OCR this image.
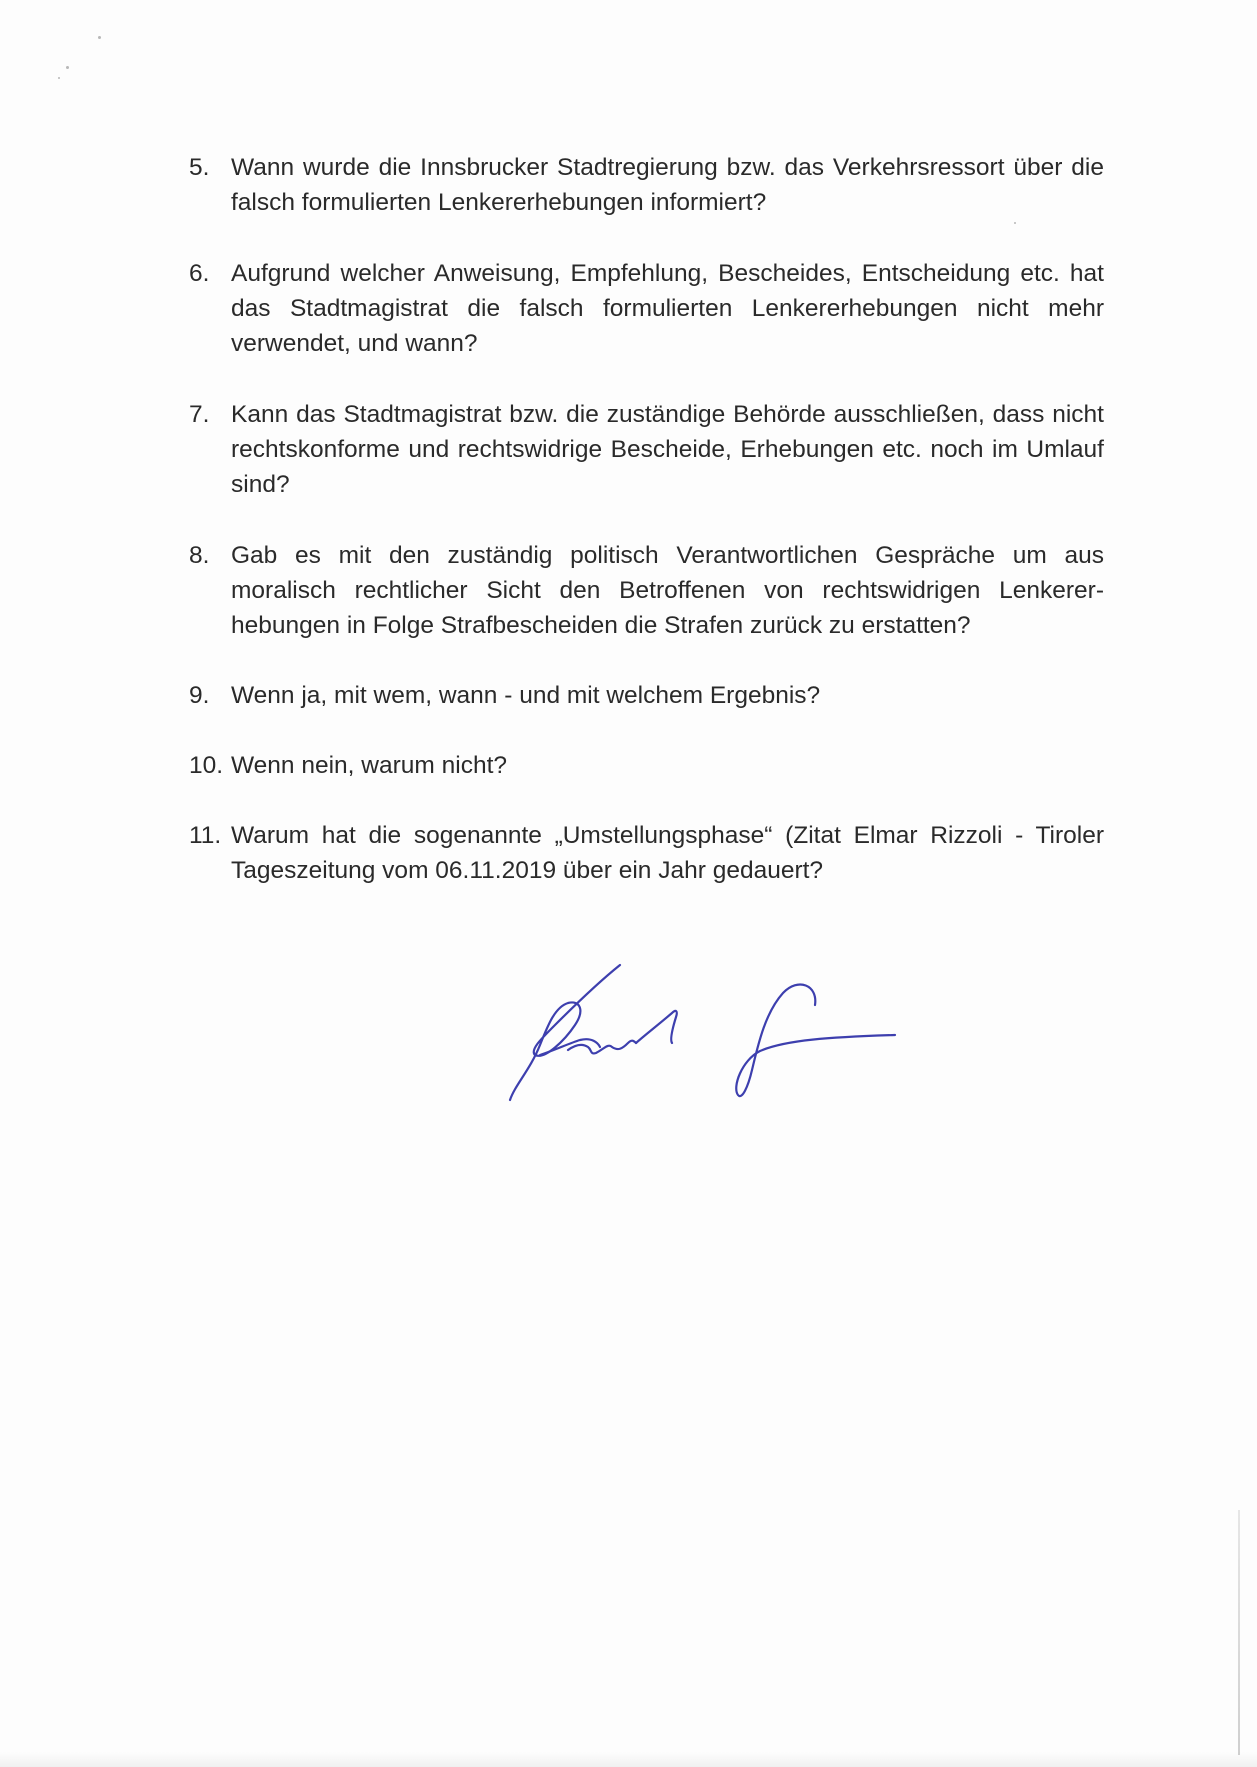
5. Wann wurde die Innsbrucker Stadtregierung bzw. das Verkehrsressort über die falsch formulierten Lenkererhebungen informiert?
6. Aufgrund welcher Anweisung, Empfehlung, Bescheides, Entscheidung etc. hat das Stadtmagistrat die falsch formulierten Lenkererhebungen nicht mehr verwendet, und wann?
7. Kann das Stadtmagistrat bzw. die zuständige Behörde ausschließen, dass nicht rechtskonforme und rechtswidrige Bescheide, Erhebungen etc. noch im Umlauf sind?
8. Gab es mit den zuständig politisch Verantwortlichen Gespräche um aus moralisch rechtlicher Sicht den Betroffenen von rechtswidrigen Lenkererhebungen in Folge Strafbescheiden die Strafen zurück zu erstatten?
9. Wenn ja, mit wem, wann - und mit welchem Ergebnis?
10. Wenn nein, warum nicht?
11. Warum hat die sogenannte „Umstellungsphase“ (Zitat Elmar Rizzoli - Tiroler Tageszeitung vom 06.11.2019 über ein Jahr gedauert?
